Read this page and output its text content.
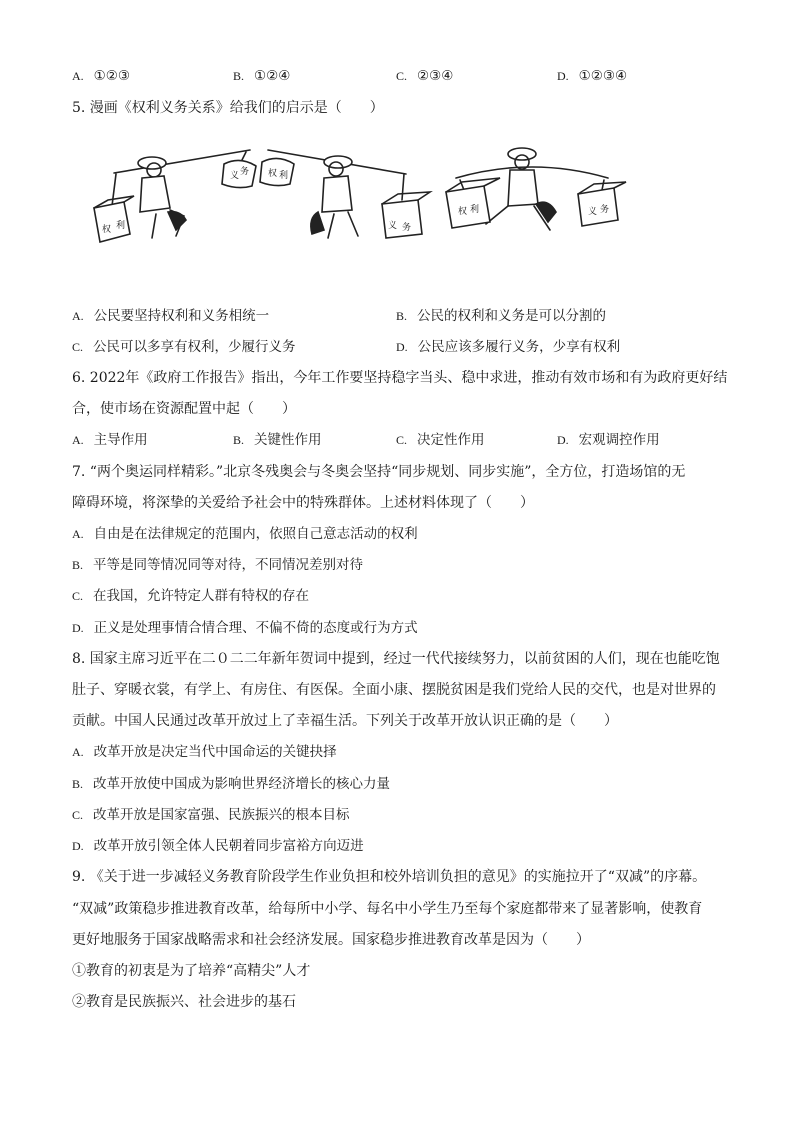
A. ①②③	B. ①②④	C. ②③④	D. ①②③④
5. 漫画《权利义务关系》给我们的启示是（　　）
权 利
义 务 权 利
义 务
权 利	义 务
A. 公民要坚持权利和义务相统一	B. 公民的权利和义务是可以分割的
C. 公民可以多享有权利，少履行义务	D. 公民应该多履行义务，少享有权利
6. 2022年《政府工作报告》指出，今年工作要坚持稳字当头、稳中求进，推动有效市场和有为政府更好结
合，使市场在资源配置中起（　　）
A. 主导作用	B. 关键性作用	C. 决定性作用	D. 宏观调控作用
7. “两个奥运同样精彩。”北京冬残奥会与冬奥会坚持“同步规划、同步实施”，全方位，打造场馆的无
障碍环境，将深挚的关爱给予社会中的特殊群体。上述材料体现了（　　）
A. 自由是在法律规定的范围内，依照自己意志活动的权利
B. 平等是同等情况同等对待，不同情况差别对待
C. 在我国，允许特定人群有特权的存在
D. 正义是处理事情合情合理、不偏不倚的态度或行为方式
8. 国家主席习近平在二０二二年新年贺词中提到，经过一代代接续努力，以前贫困的人们，现在也能吃饱
肚子、穿暖衣裳，有学上、有房住、有医保。全面小康、摆脱贫困是我们党给人民的交代，也是对世界的
贡献。中国人民通过改革开放过上了幸福生活。下列关于改革开放认识正确的是（　　）
A. 改革开放是决定当代中国命运的关键抉择
B. 改革开放使中国成为影响世界经济增长的核心力量
C. 改革开放是国家富强、民族振兴的根本目标
D. 改革开放引领全体人民朝着同步富裕方向迈进
9. 《关于进一步减轻义务教育阶段学生作业负担和校外培训负担的意见》的实施拉开了“双减”的序幕。
“双减”政策稳步推进教育改革，给每所中小学、每名中小学生乃至每个家庭都带来了显著影响，使教育
更好地服务于国家战略需求和社会经济发展。国家稳步推进教育改革是因为（　　）
①教育的初衷是为了培养“高精尖”人才
②教育是民族振兴、社会进步的基石
